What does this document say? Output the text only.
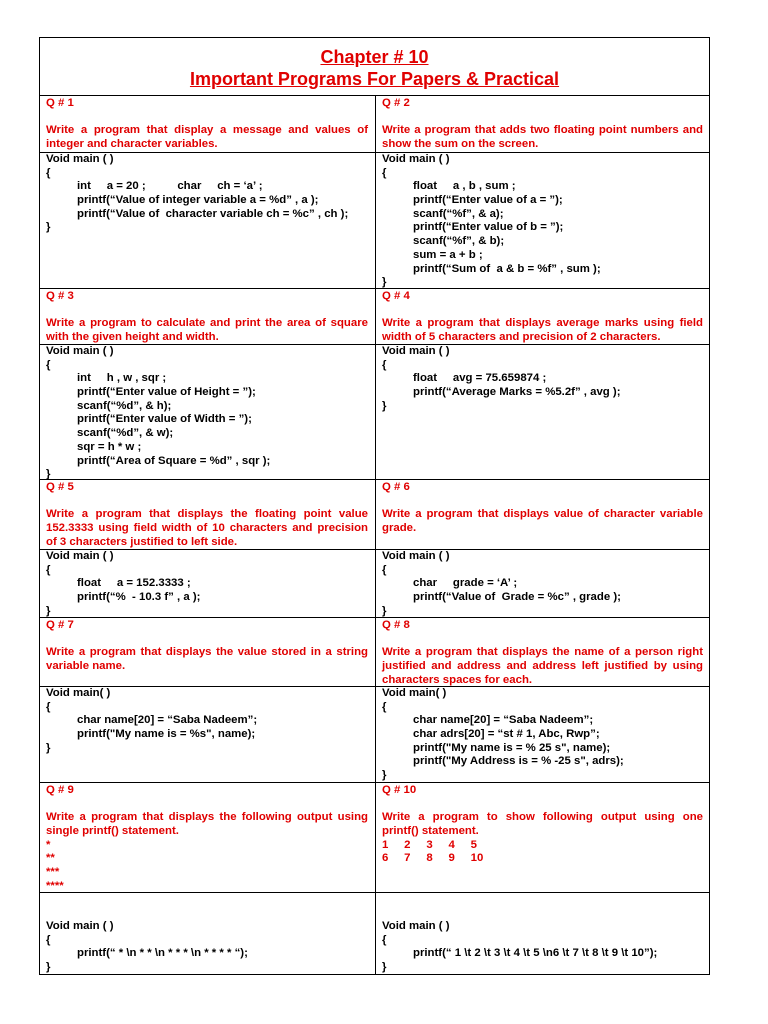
Chapter # 10
Important Programs For Papers & Practical
Q # 1
Write a program that display a message and values of integer and character variables.
Void main ( )
{
int     a = 20 ;          char     ch = ‘a’ ;
printf(“Value of integer variable a = %d” , a );
printf(“Value of  character variable ch = %c” , ch );
}
Q # 2
Write a program that adds two floating point numbers and show the sum on the screen.
Void main ( )
{
float     a , b , sum ;
printf(“Enter value of a = ”);
scanf(“%f”, & a);
printf(“Enter value of b = ”);
scanf(“%f”, & b);
sum = a + b ;
printf(“Sum of  a & b = %f” , sum );
}
Q # 3
Write a program to calculate and print the area of square with the given height and width.
Void main ( )
{
int     h , w , sqr ;
printf(“Enter value of Height = ”);
scanf(“%d”, & h);
printf(“Enter value of Width = ”);
scanf(“%d”, & w);
sqr = h * w ;
printf(“Area of Square = %d” , sqr );
}
Q # 4
Write a program that displays average marks using field width of 5 characters and precision of 2 characters.
Void main ( )
{
float     avg = 75.659874 ;
printf(“Average Marks = %5.2f” , avg );
}
Q # 5
Write a program that displays the floating point value 152.3333 using field width of 10 characters and precision of 3 characters justified to left side.
Void main ( )
{
float     a = 152.3333 ;
printf(“%  - 10.3 f” , a );
}
Q # 6
Write a program that displays value of character variable grade.
Void main ( )
{
char     grade = ‘A’ ;
printf(“Value of  Grade = %c” , grade );
}
Q # 7
Write a program that displays the value stored in a string variable name.
Void main( )
{
char name[20] = “Saba Nadeem”;
printf("My name is = %s", name);
}
Q # 8
Write a program that displays the name of a person right justified and address and address left justified by using characters spaces for each.
Void main( )
{
char name[20] = “Saba Nadeem”;
char adrs[20] = “st # 1, Abc, Rwp”;
printf("My name is = % 25 s", name);
printf("My Address is = % -25 s", adrs);
}
Q # 9
Write a program that displays the following output using single printf() statement.
*
**
***
****
Void main ( )
{
printf(“ * \n * * \n * * * \n * * * * “);
}
Q # 10
Write a program to show following output using one printf() statement.
1     2     3     4     5
6     7     8     9     10
Void main ( )
{
printf(“ 1 \t 2 \t 3 \t 4 \t 5 \n6 \t 7 \t 8 \t 9 \t 10”);
}
